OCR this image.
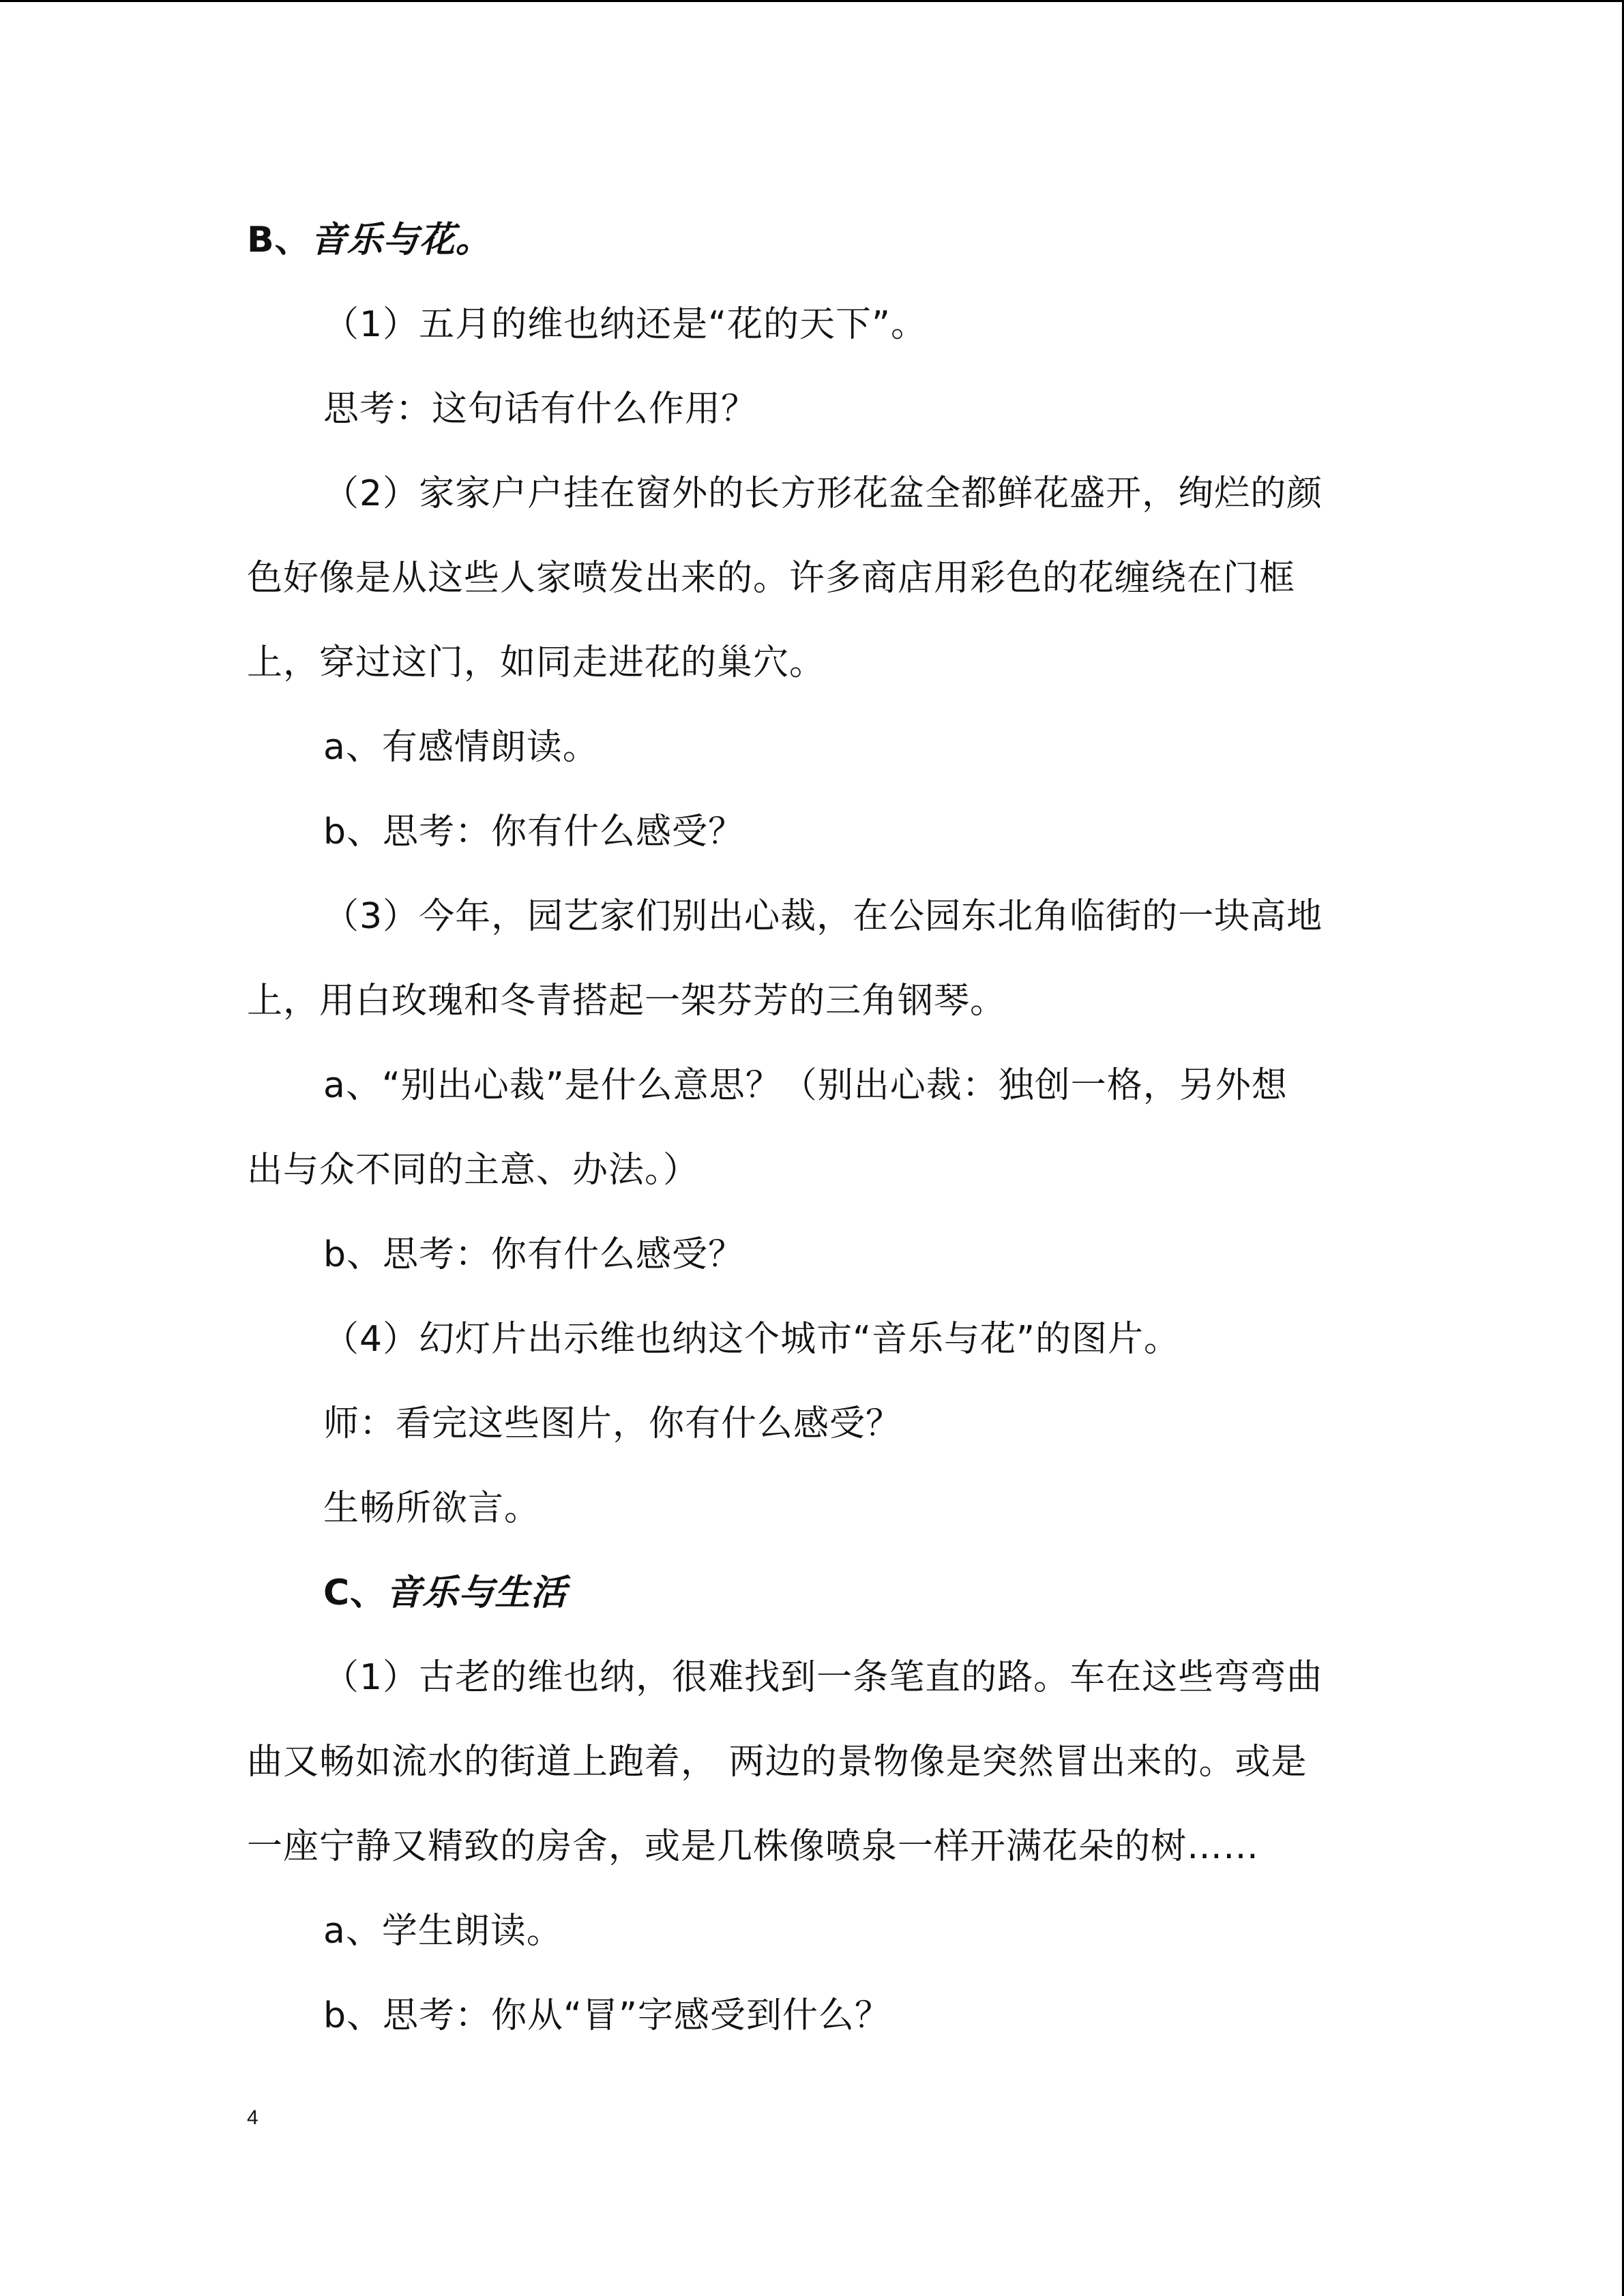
B、音乐与花。
（1）五月的维也纳还是“花的天下”。
思考：这句话有什么作用？
（2）家家户户挂在窗外的长方形花盆全都鲜花盛开，绚烂的颜
色好像是从这些人家喷发出来的。许多商店用彩色的花缠绕在门框
上，穿过这门，如同走进花的巢穴。
a、有感情朗读。
b、思考：你有什么感受？
（3）今年，园艺家们别出心裁，在公园东北角临街的一块高地
上，用白玫瑰和冬青搭起一架芬芳的三角钢琴。
a、“别出心裁”是什么意思？（别出心裁：独创一格，另外想
出与众不同的主意、办法。）
b、思考：你有什么感受？
（4）幻灯片出示维也纳这个城市“音乐与花”的图片。
师：看完这些图片，你有什么感受？
生畅所欲言。
C、音乐与生活
（1）古老的维也纳，很难找到一条笔直的路。车在这些弯弯曲
曲又畅如流水的街道上跑着， 两边的景物像是突然冒出来的。或是
一座宁静又精致的房舍，或是几株像喷泉一样开满花朵的树……
a、学生朗读。
b、思考：你从“冒”字感受到什么？
4
